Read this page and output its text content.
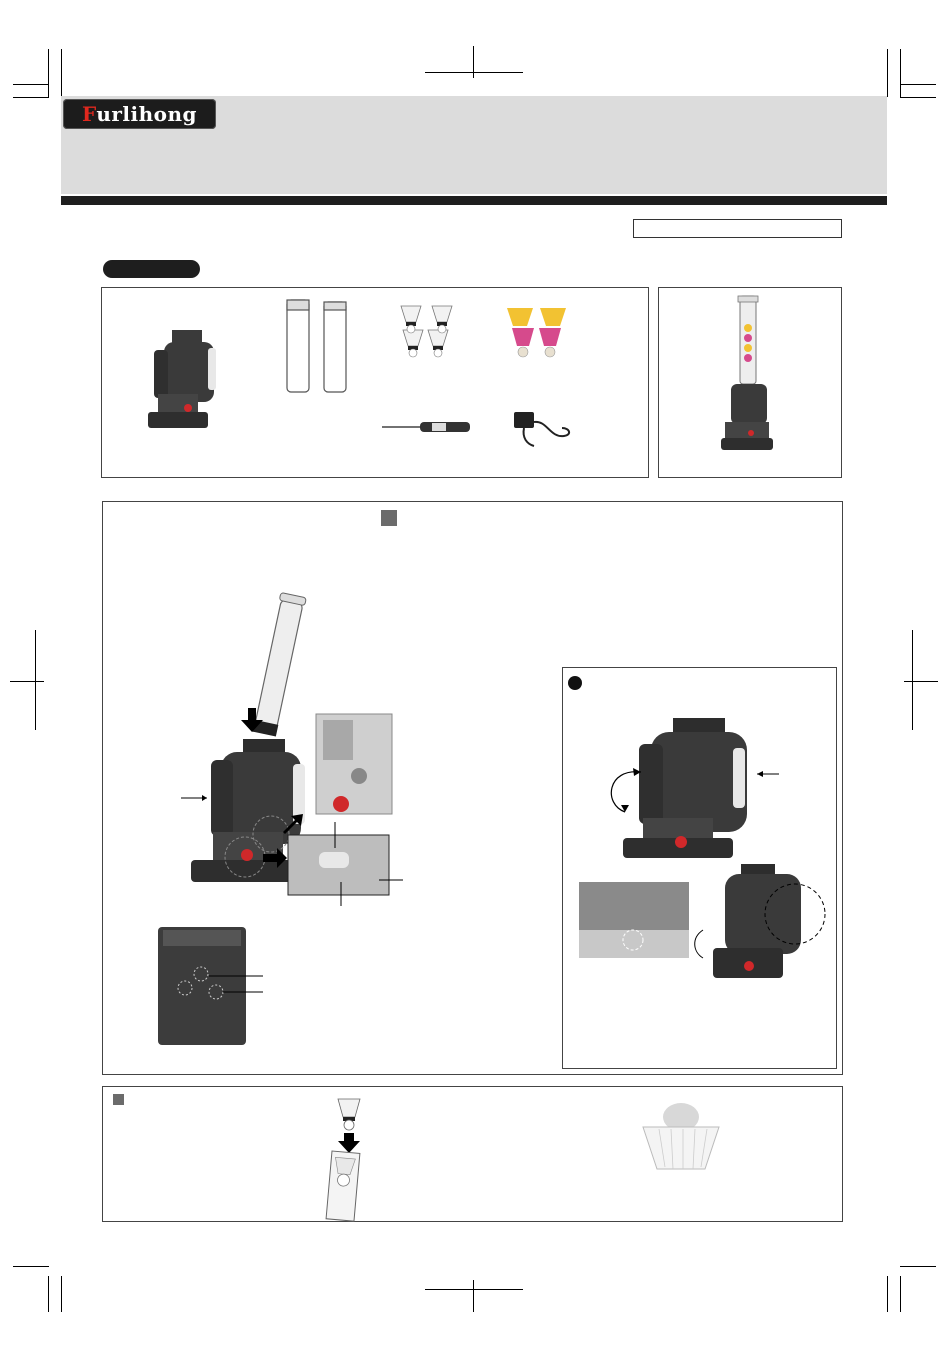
Furlihong
